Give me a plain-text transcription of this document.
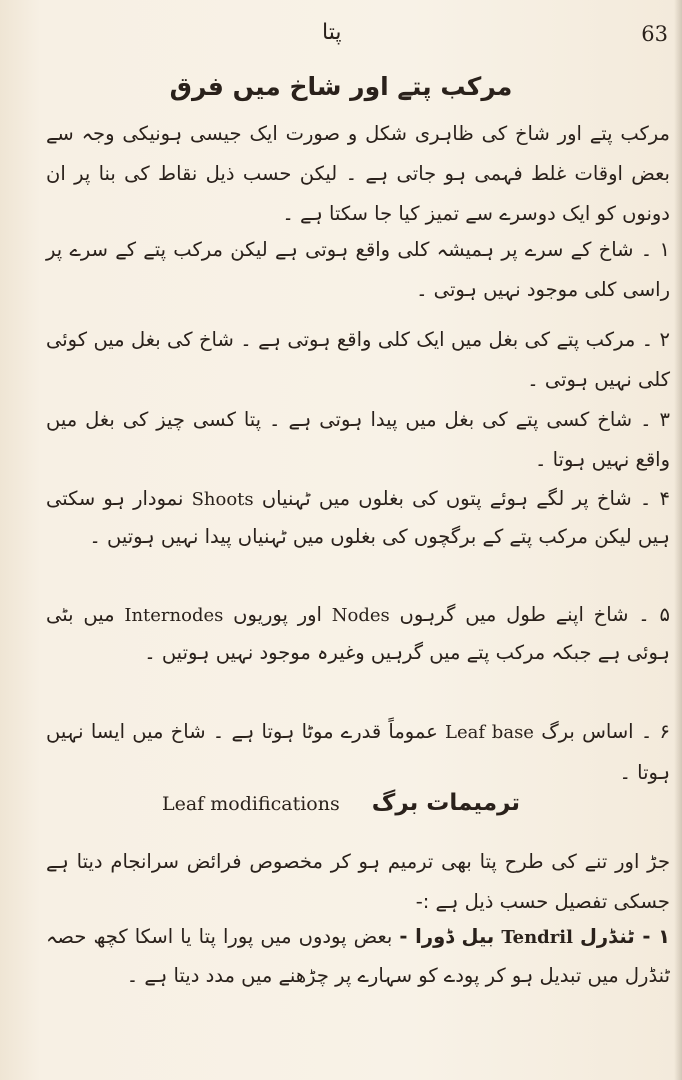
پتا	63
مرکب پتے اور شاخ میں فرق

مرکب پتے اور شاخ کی ظاہری شکل و صورت ایک جیسی ہونیکی وجہ سے بعض اوقات غلط فہمی ہو جاتی ہے ۔ لیکن حسب ذیل نقاط کی بنا پر ان دونوں کو ایک دوسرے سے تمیز کیا جا سکتا ہے ۔

۱ ۔ شاخ کے سرے پر ہمیشہ کلی واقع ہوتی ہے لیکن مرکب پتے کے سرے پر راسی کلی موجود نہیں ہوتی ۔

۲ ۔ مرکب پتے کی بغل میں ایک کلی واقع ہوتی ہے ۔ شاخ کی بغل میں کوئی کلی نہیں ہوتی ۔

۳ ۔ شاخ کسی پتے کی بغل میں پیدا ہوتی ہے ۔ پتا کسی چیز کی بغل میں واقع نہیں ہوتا ۔

۴ ۔ شاخ پر لگے ہوئے پتوں کی بغلوں میں ٹہنیاں Shoots نمودار ہو سکتی ہیں لیکن مرکب پتے کے برگچوں کی بغلوں میں ٹہنیاں پیدا نہیں ہوتیں ۔

۵ ۔ شاخ اپنے طول میں گرہوں Nodes اور پوریوں Internodes میں بٹی ہوئی ہے جبکہ مرکب پتے میں گرہیں وغیرہ موجود نہیں ہوتیں ۔

۶ ۔ اساس برگ Leaf base عموماً قدرے موٹا ہوتا ہے ۔ شاخ میں ایسا نہیں ہوتا ۔

ترمیمات برگ    Leaf modifications

جڑ اور تنے کی طرح پتا بھی ترمیم ہو کر مخصوص فرائض سرانجام دیتا ہے جسکی تفصیل حسب ذیل ہے :-

۱ - ٹنڈرل Tendril بیل ڈورا - بعض پودوں میں پورا پتا یا اسکا کچھ حصہ ٹنڈرل میں تبدیل ہو کر پودے کو سہارے پر چڑھنے میں مدد دیتا ہے ۔
